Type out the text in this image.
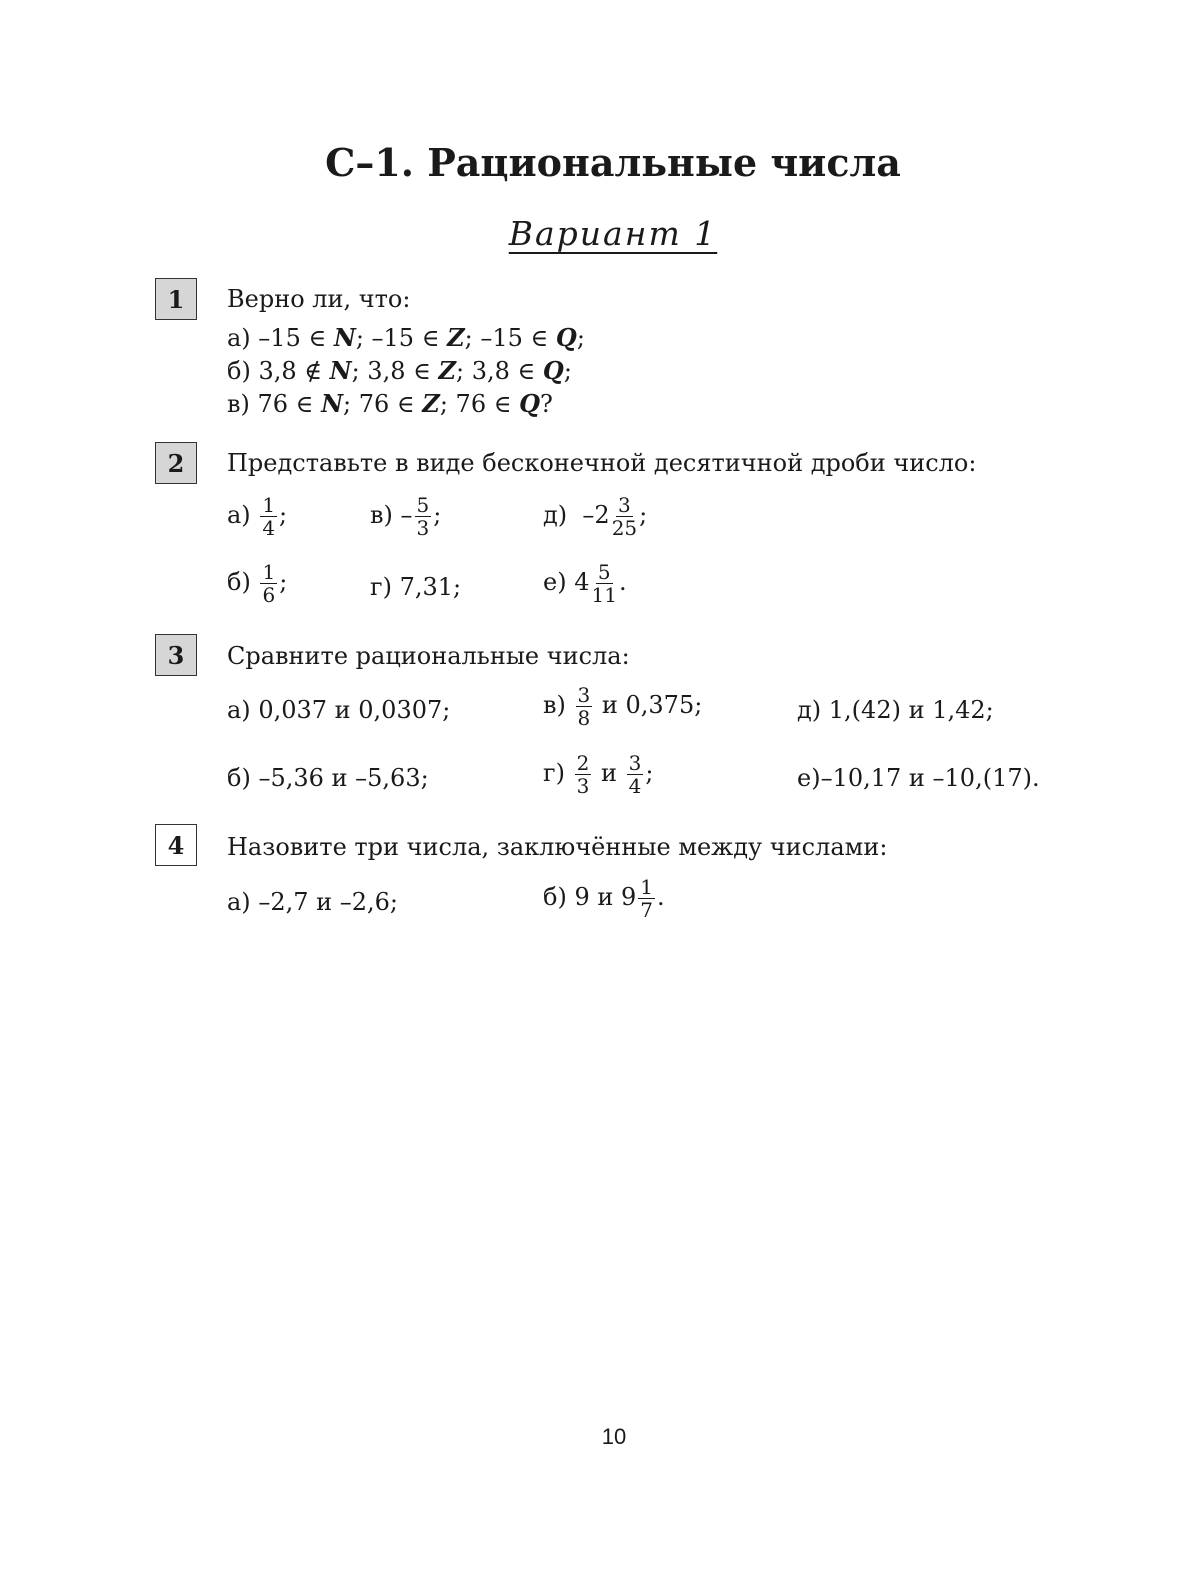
С–1. Рациональные числа
Вариант 1
1	Верно ли, что:
а) –15 ∈ N; –15 ∈ Z; –15 ∈ Q;
б) 3,8 ∉ N; 3,8 ∈ Z; 3,8 ∈ Q;
в) 76 ∈ N; 76 ∈ Z; 76 ∈ Q?
2	Представьте в виде бесконечной десятичной дроби число:
$а) \frac{1}{4}$ ;	$в) - \frac{5}{3}$ ;	д) $-2 \frac{3}{25}$ ;
$б) \frac{1}{6}$ ;	г) 7,31;	е) $4 \frac{5}{11}$ .
3	Сравните рациональные числа:
а) 0,037 и 0,0307;	$в) \frac{3}{8}$ и 0,375;	д) 1,(42) и 1,42;
б) –5,36 и –5,63;	$г) \frac{2}{3}$ и $\frac{3}{4}$ ;	е)–10,17 и –10,(17).
4	Назовите три числа, заключённые между числами:
а) –2,7 и –2,6;	б) 9 и $9 \frac{1}{7}$ .
10
